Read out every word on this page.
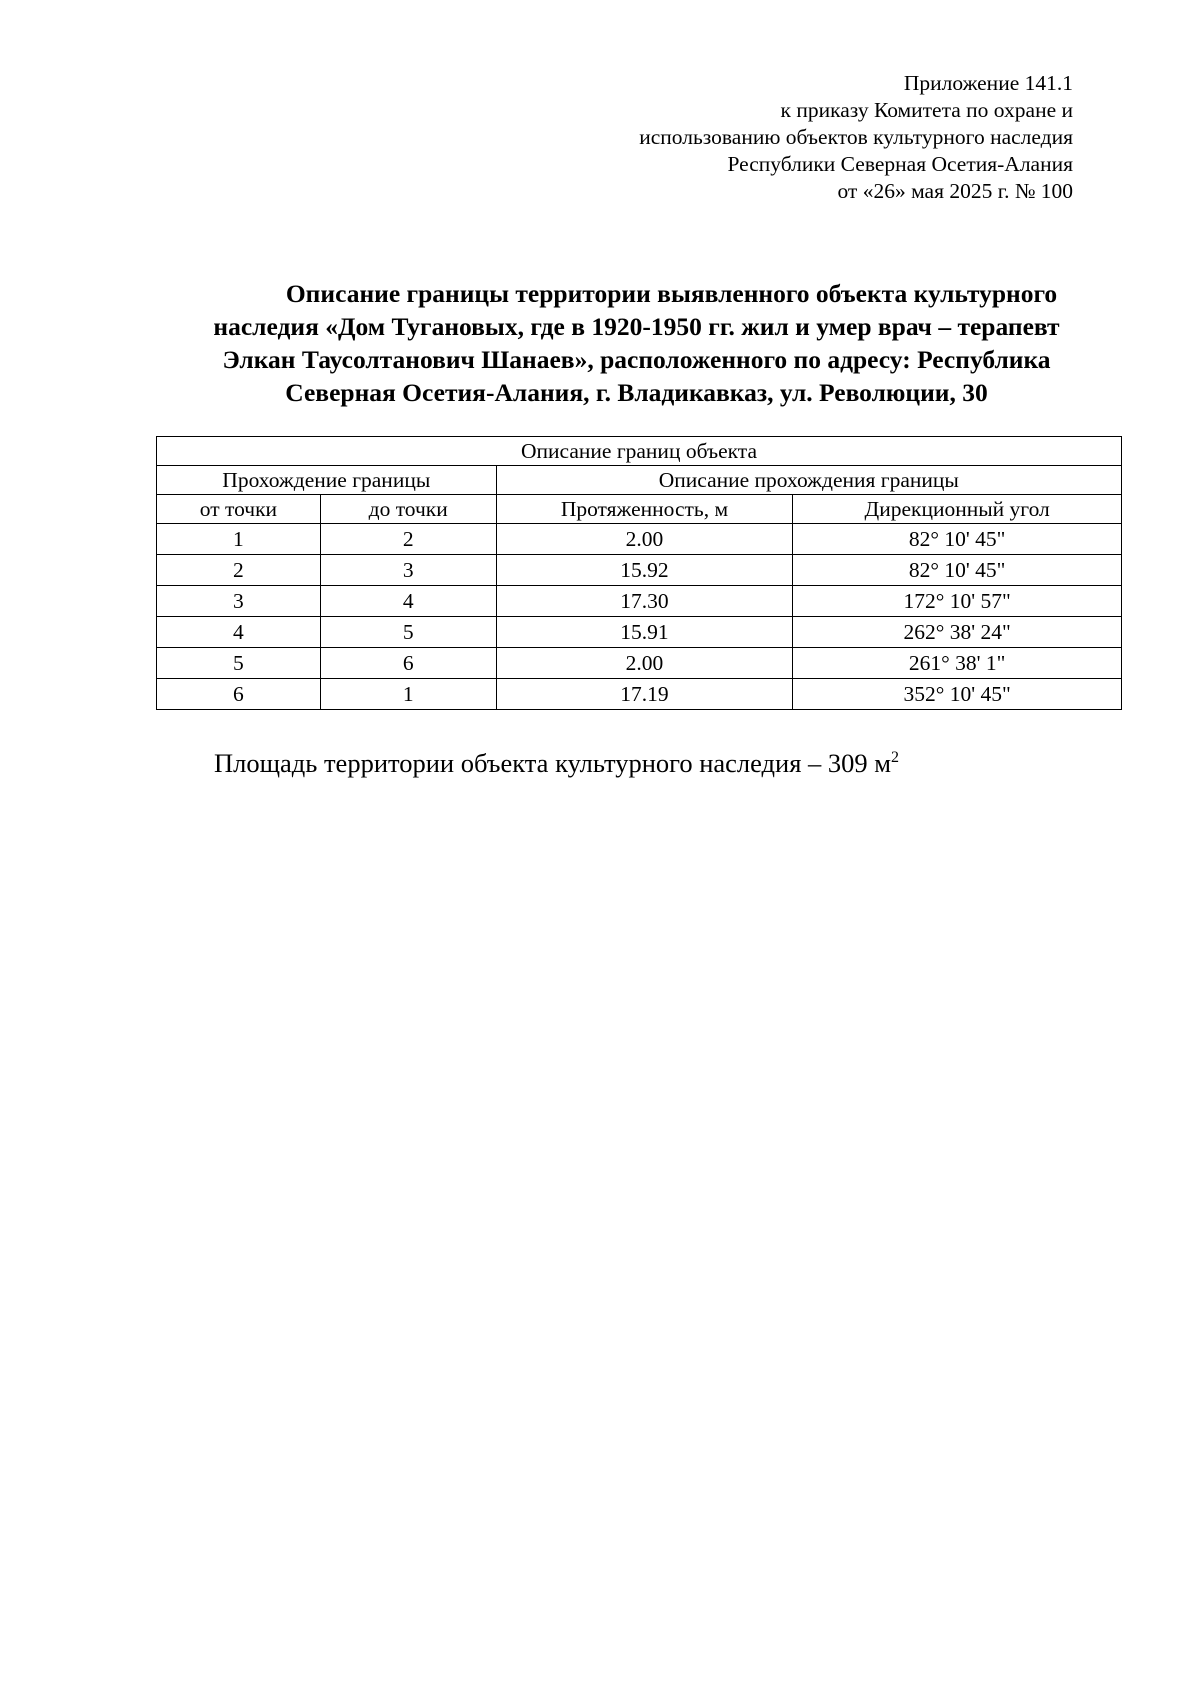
Приложение 141.1
к приказу Комитета по охране и
использованию объектов культурного наследия
Республики Северная Осетия-Алания
от «26» мая 2025 г. № 100
Описание границы территории выявленного объекта культурного
наследия «Дом Тугановых, где в 1920-1950 гг. жил и умер врач – терапевт
Элкан Таусолтанович Шанаев», расположенного по адресу: Республика
Северная Осетия-Алания, г. Владикавказ, ул. Революции, 30
Описание границ объекта			
Прохождение границы		Описание прохождения границы	
от точки	до точки	Протяженность, м	Дирекционный угол
1	2	2.00	82° 10' 45"
2	3	15.92	82° 10' 45"
3	4	17.30	172° 10' 57"
4	5	15.91	262° 38' 24"
5	6	2.00	261° 38' 1"
6	1	17.19	352° 10' 45"
Площадь территории объекта культурного наследия – 309 $м^2$
